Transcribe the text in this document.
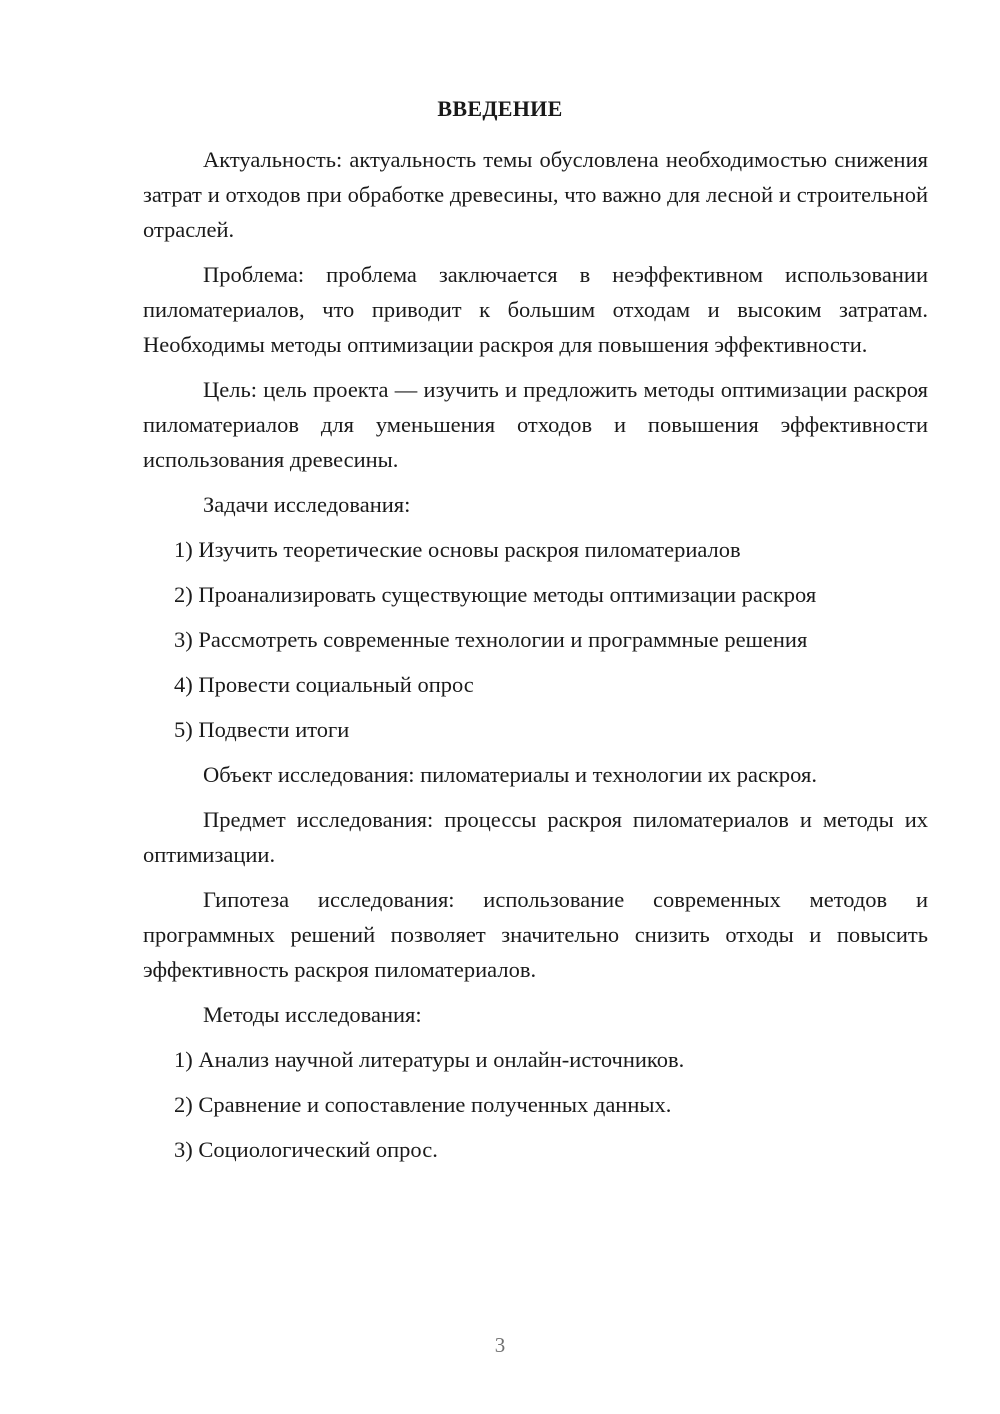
ВВЕДЕНИЕ

Актуальность: актуальность темы обусловлена необходимостью снижения затрат и отходов при обработке древесины, что важно для лесной и строительной отраслей.

Проблема: проблема заключается в неэффективном использовании пиломатериалов, что приводит к большим отходам и высоким затратам. Необходимы методы оптимизации раскроя для повышения эффективности.

Цель: цель проекта — изучить и предложить методы оптимизации раскроя пиломатериалов для уменьшения отходов и повышения эффективности использования древесины.

Задачи исследования:

1) Изучить теоретические основы раскроя пиломатериалов

2) Проанализировать существующие методы оптимизации раскроя

3) Рассмотреть современные технологии и программные решения

4) Провести социальный опрос

5) Подвести итоги

Объект исследования: пиломатериалы и технологии их раскроя.

Предмет исследования: процессы раскроя пиломатериалов и методы их оптимизации.

Гипотеза исследования: использование современных методов и программных решений позволяет значительно снизить отходы и повысить эффективность раскроя пиломатериалов.

Методы исследования:

1) Анализ научной литературы и онлайн-источников.

2) Сравнение и сопоставление полученных данных.

3) Социологический опрос.

3
